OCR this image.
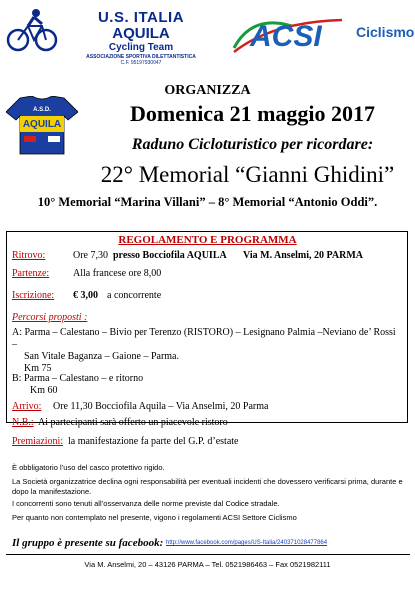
U.S. ITALIA
AQUILA
Cycling Team
ASSOCIAZIONE SPORTIVA DILETTANTISTICA
C.F. 95197930047
ACSI Ciclismo
A.S.D.
AQUILA
ORGANIZZA
Domenica 21 maggio 2017
Raduno Cicloturistico per ricordare:
22° Memorial “Gianni Ghidini”
10° Memorial “Marina Villani” – 8° Memorial “Antonio Oddi”.
REGOLAMENTO E PROGRAMMA
Ritrovo:	Ore 7,30 presso Bocciofila AQUILA Via M. Anselmi, 20 PARMA
Partenze: Alla francese ore 8,00
Iscrizione: € 3,00 a concorrente
Percorsi proposti :
A: Parma – Calestano – Bivio per Terenzo (RISTORO) – Lesignano Palmia –Neviano de’ Rossi –
San Vitale Baganza – Gaione – Parma.
Km 75
B: Parma – Calestano – e ritorno
Km 60
Arrivo: Ore 11,30 Bocciofila Aquila – Via Anselmi, 20 Parma
N.B.: Ai partecipanti sarà offerto un piacevole ristoro
Premiazioni: la manifestazione fa parte del G.P. d’estate
È obbligatorio l’uso del casco protettivo rigido.
La Società organizzatrice declina ogni responsabilità per eventuali incidenti che dovessero verificarsi prima, durante e dopo la manifestazione.
I concorrenti sono tenuti all’osservanza delle norme previste dal Codice stradale.
Per quanto non contemplato nel presente, vigono i regolamenti ACSI Settore Ciclismo
Il gruppo è presente su facebook: http://www.facebook.com/pages/US-Italia/240371028477864
Via M. Anselmi, 20 – 43126 PARMA – Tel. 0521986463 – Fax 0521982111
